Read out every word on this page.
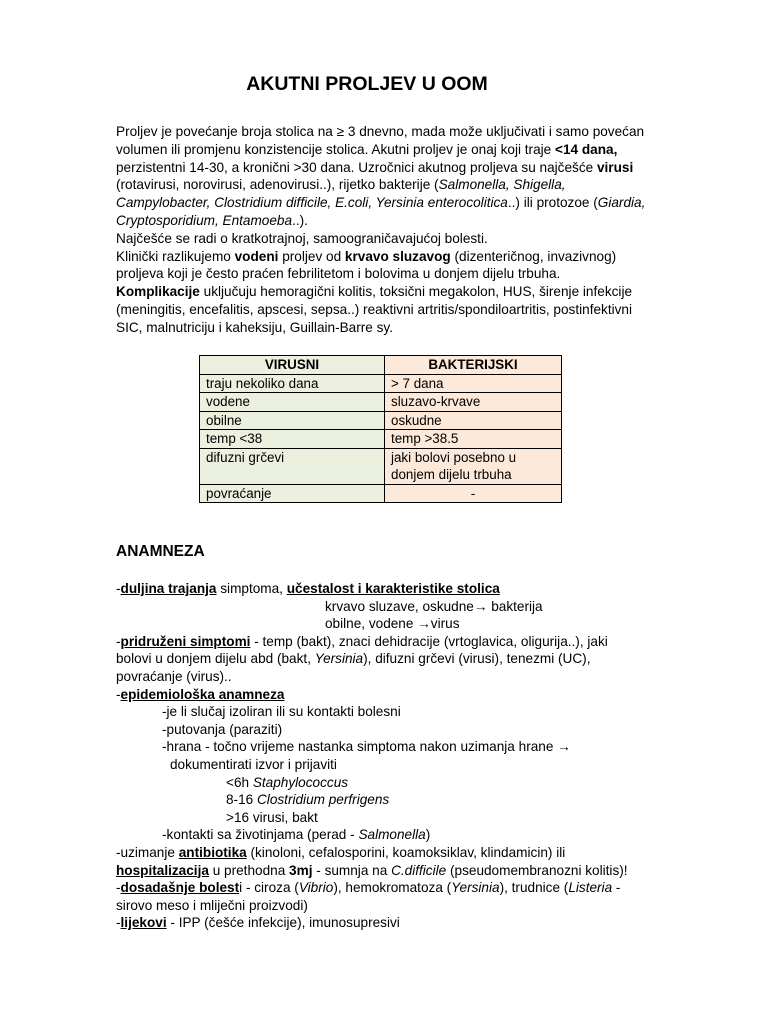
AKUTNI PROLJEV U OOM

Proljev je povećanje broja stolica na ≥ 3 dnevno, mada može uključivati i samo povećan volumen ili promjenu konzistencije stolica. Akutni proljev je onaj koji traje <14 dana, perzistentni 14-30, a kronični >30 dana. Uzročnici akutnog proljeva su najčešće virusi (rotavirusi, norovirusi, adenovirusi..), rijetko bakterije (Salmonella, Shigella, Campylobacter, Clostridium difficile, E.coli, Yersinia enterocolitica..) ili protozoe (Giardia, Cryptosporidium, Entamoeba..).

Najčešće se radi o kratkotrajnoj, samoograničavajućoj bolesti.

Klinički razlikujemo vodeni proljev od krvavo sluzavog (dizenteričnog, invazivnog) proljeva koji je često praćen febrilitetom i bolovima u donjem dijelu trbuha.

Komplikacije uključuju hemoragični kolitis, toksični megakolon, HUS, širenje infekcije (meningitis, encefalitis, apscesi, sepsa..) reaktivni artritis/spondiloartritis, postinfektivni SIC, malnutriciju i kaheksiju, Guillain-Barre sy.

VIRUSNI	BAKTERIJSKI
traju nekoliko dana	> 7 dana
vodene	sluzavo-krvave
obilne	oskudne
temp <38	temp >38.5
difuzni grčevi	jaki bolovi posebno u donjem dijelu trbuha
povraćanje	-
ANAMNEZA
-duljina trajanja simptoma, učestalost i karakteristike stolica
krvavo sluzave, oskudne→ bakterija
obilne, vodene →virus
-pridruženi simptomi - temp (bakt), znaci dehidracije (vrtoglavica, oligurija..), jaki
bolovi u donjem dijelu abd (bakt, Yersinia), difuzni grčevi (virusi), tenezmi (UC),
povraćanje (virus)..
-epidemiološka anamneza
-je li slučaj izoliran ili su kontakti bolesni
-putovanja (paraziti)
-hrana - točno vrijeme nastanka simptoma nakon uzimanja hrane →
dokumentirati izvor i prijaviti
<6h Staphylococcus
8-16 Clostridium perfrigens
>16 virusi, bakt
-kontakti sa životinjama (perad - Salmonella)
-uzimanje antibiotika (kinoloni, cefalosporini, koamoksiklav, klindamicin) ili
hospitalizacija u prethodna 3mj - sumnja na C.difficile (pseudomembranozni kolitis)!
-dosadašnje bolesti - ciroza (Vibrio), hemokromatoza (Yersinia), trudnice (Listeria -
sirovo meso i mliječni proizvodi)
-lijekovi - IPP (češće infekcije), imunosupresivi
